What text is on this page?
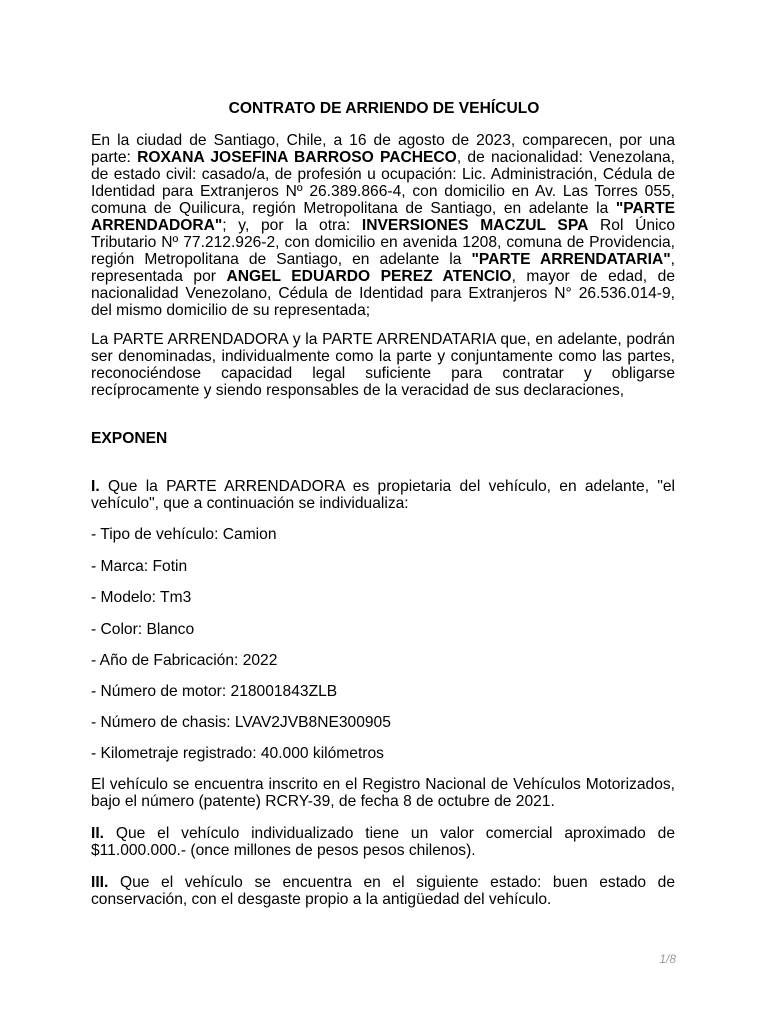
CONTRATO DE ARRIENDO DE VEHÍCULO

En la ciudad de Santiago, Chile, a 16 de agosto de 2023, comparecen, por una parte: ROXANA JOSEFINA BARROSO PACHECO, de nacionalidad: Venezolana, de estado civil: casado/a, de profesión u ocupación: Lic. Administración, Cédula de Identidad para Extranjeros Nº 26.389.866-4, con domicilio en Av. Las Torres 055, comuna de Quilicura, región Metropolitana de Santiago, en adelante la "PARTE ARRENDADORA"; y, por la otra: INVERSIONES MACZUL SPA Rol Único Tributario Nº 77.212.926-2, con domicilio en avenida 1208, comuna de Providencia, región Metropolitana de Santiago, en adelante la "PARTE ARRENDATARIA", representada por ANGEL EDUARDO PEREZ ATENCIO, mayor de edad, de nacionalidad Venezolano, Cédula de Identidad para Extranjeros N° 26.536.014-9, del mismo domicilio de su representada;

La PARTE ARRENDADORA y la PARTE ARRENDATARIA que, en adelante, podrán ser denominadas, individualmente como la parte y conjuntamente como las partes, reconociéndose capacidad legal suficiente para contratar y obligarse recíprocamente y siendo responsables de la veracidad de sus declaraciones,

EXPONEN

I. Que la PARTE ARRENDADORA es propietaria del vehículo, en adelante, "el vehículo", que a continuación se individualiza:

- Tipo de vehículo: Camion

- Marca: Fotin

- Modelo: Tm3

- Color: Blanco

- Año de Fabricación: 2022

- Número de motor: 218001843ZLB

- Número de chasis: LVAV2JVB8NE300905

- Kilometraje registrado: 40.000 kilómetros

El vehículo se encuentra inscrito en el Registro Nacional de Vehículos Motorizados, bajo el número (patente) RCRY-39, de fecha 8 de octubre de 2021.

II. Que el vehículo individualizado tiene un valor comercial aproximado de $11.000.000.- (once millones de pesos pesos chilenos).

III. Que el vehículo se encuentra en el siguiente estado: buen estado de conservación, con el desgaste propio a la antigüedad del vehículo.

1/8
